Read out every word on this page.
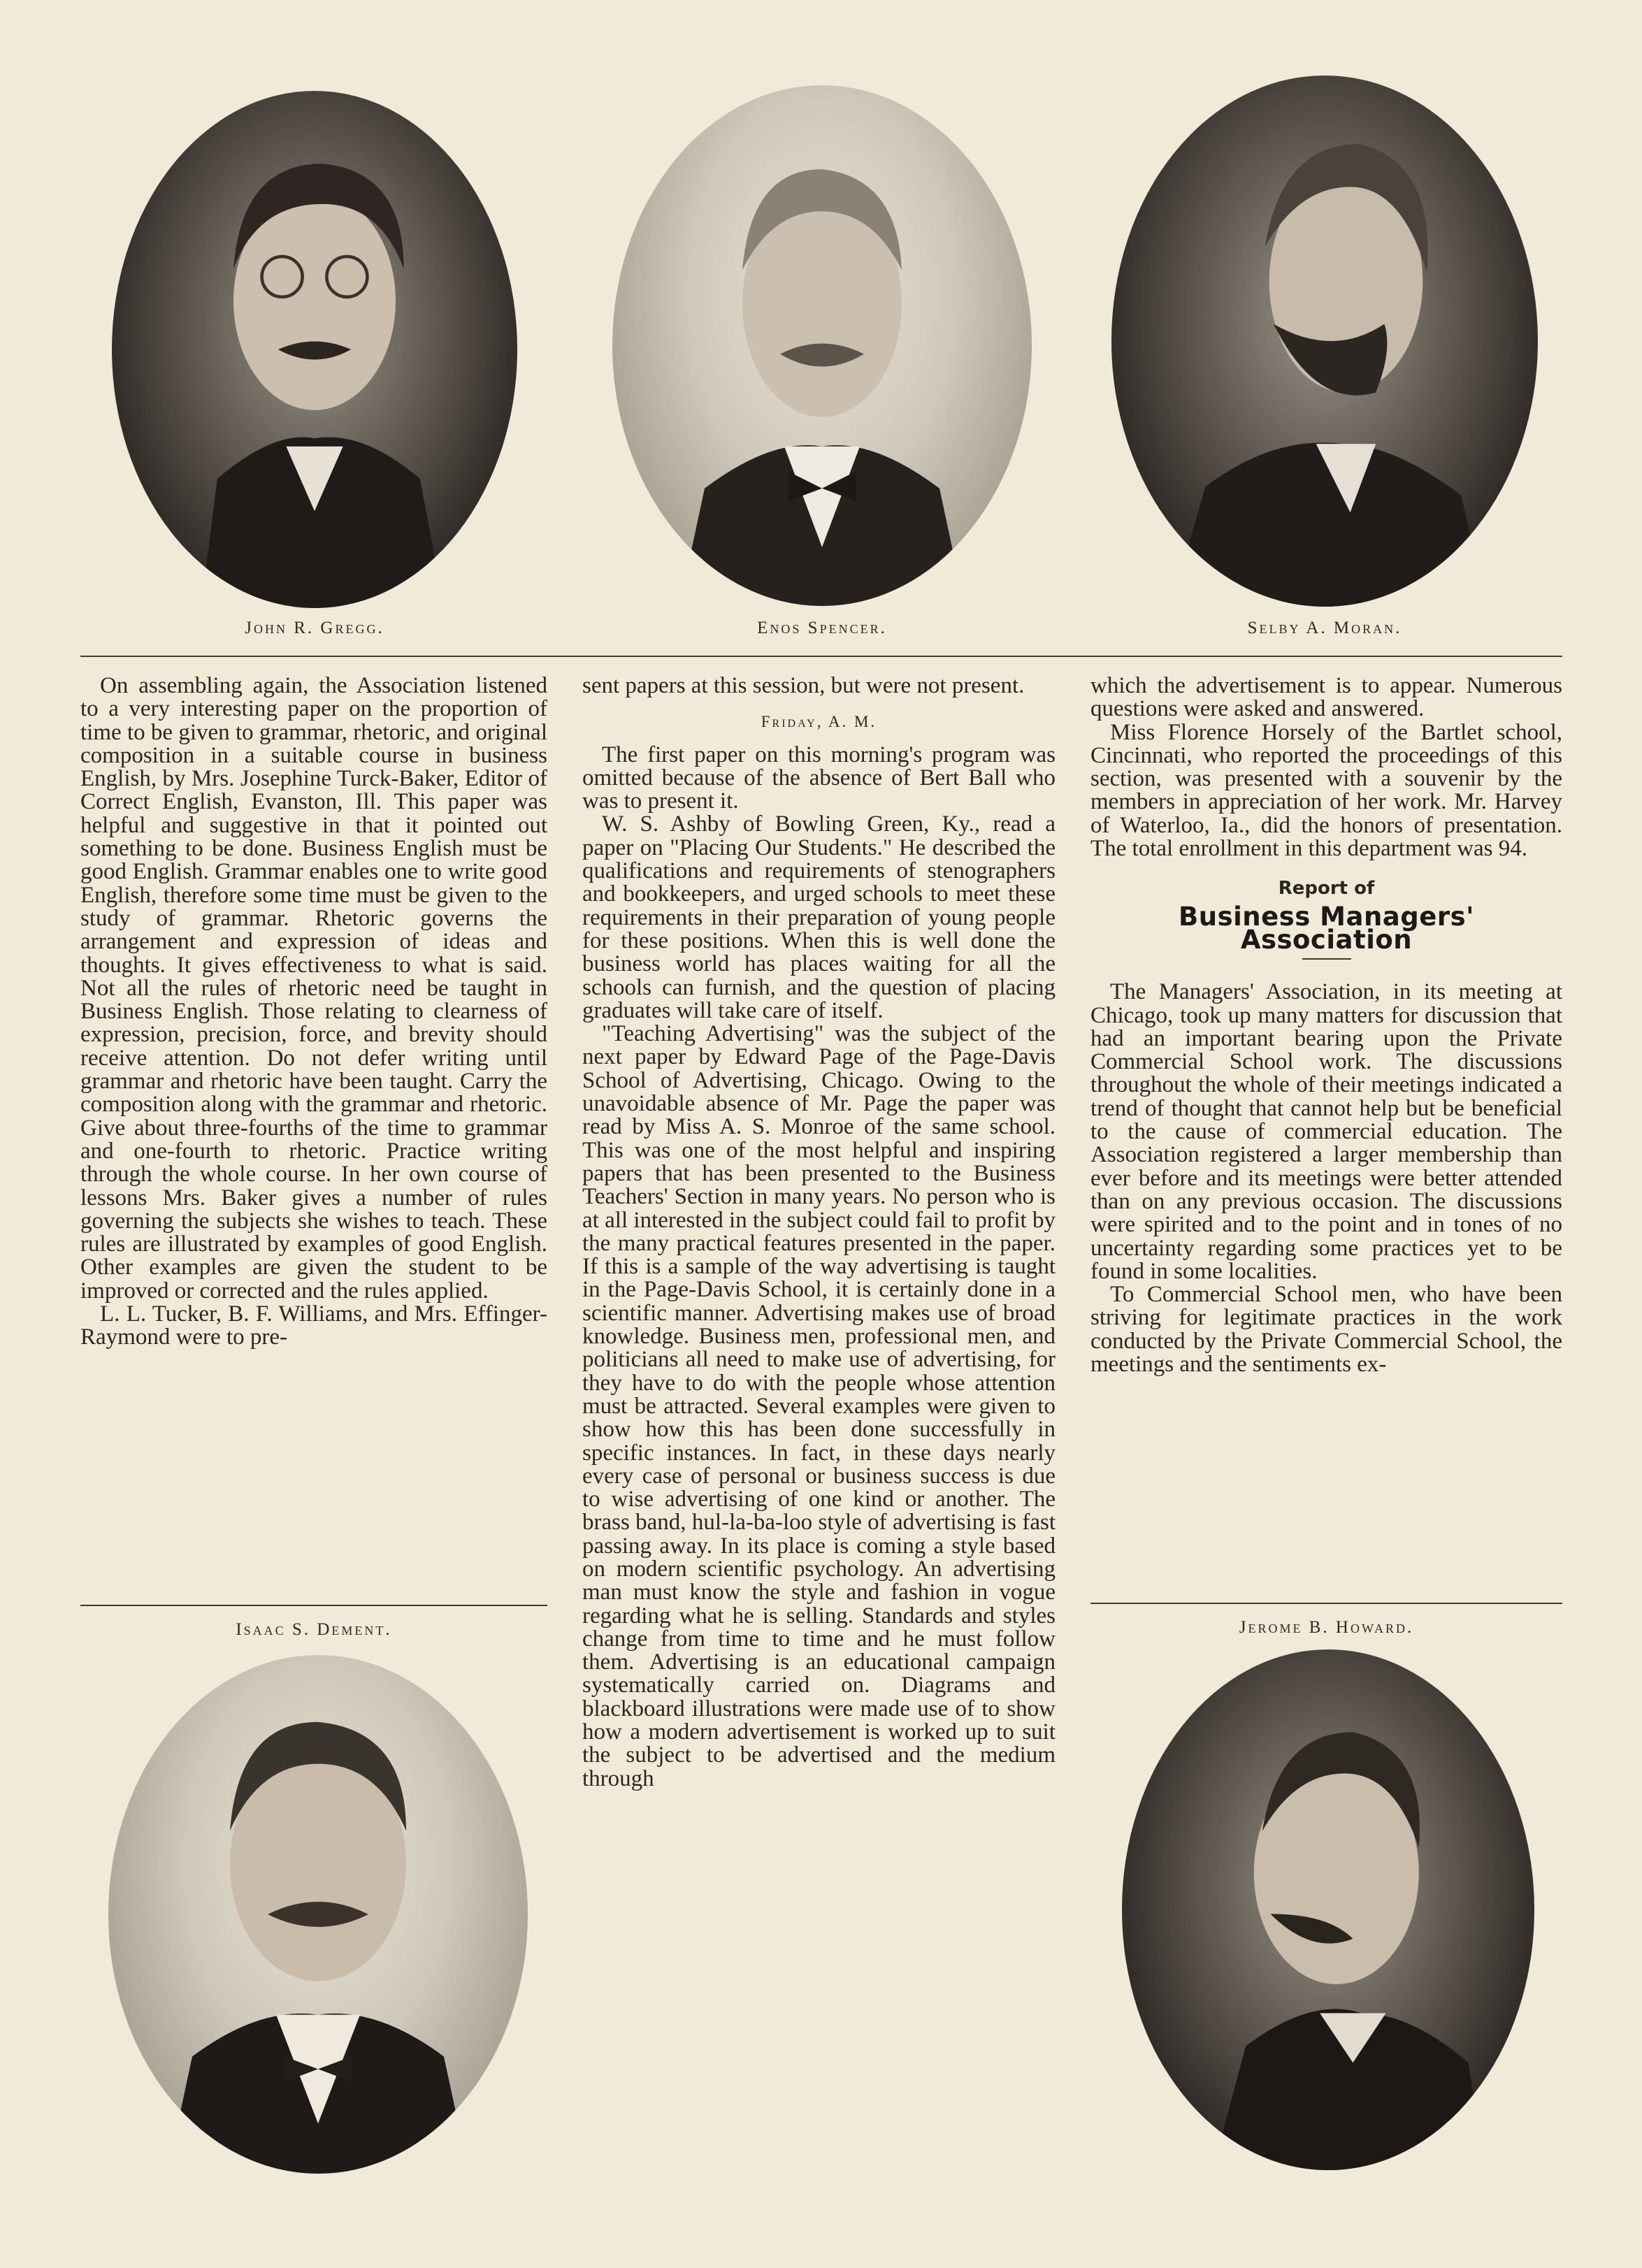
John R. Gregg.	Enos Spencer.	Selby A. Moran.

On assembling again, the Association listened to a very interesting paper on the proportion of time to be given to grammar, rhetoric, and original composition in a suitable course in business English, by Mrs. Josephine Turck-Baker, Editor of Correct English, Evanston, Ill. This paper was helpful and suggestive in that it pointed out something to be done. Business English must be good English. Grammar enables one to write good English, therefore some time must be given to the study of grammar. Rhetoric governs the arrangement and expression of ideas and thoughts. It gives effectiveness to what is said. Not all the rules of rhetoric need be taught in Business English. Those relating to clearness of expression, precision, force, and brevity should receive attention. Do not defer writing until grammar and rhetoric have been taught. Carry the composition along with the grammar and rhetoric. Give about three-fourths of the time to grammar and one-fourth to rhetoric. Practice writing through the whole course. In her own course of lessons Mrs. Baker gives a number of rules governing the subjects she wishes to teach. These rules are illustrated by examples of good English. Other examples are given the student to be improved or corrected and the rules applied.

L. L. Tucker, B. F. Williams, and Mrs. Effinger-Raymond were to pre-

Isaac S. Dement.

sent papers at this session, but were not present.

Friday, A. M.

The first paper on this morning's program was omitted because of the absence of Bert Ball who was to present it.

W. S. Ashby of Bowling Green, Ky., read a paper on "Placing Our Students." He described the qualifications and requirements of stenographers and bookkeepers, and urged schools to meet these requirements in their preparation of young people for these positions. When this is well done the business world has places waiting for all the schools can furnish, and the question of placing graduates will take care of itself.

"Teaching Advertising" was the subject of the next paper by Edward Page of the Page-Davis School of Advertising, Chicago. Owing to the unavoidable absence of Mr. Page the paper was read by Miss A. S. Monroe of the same school. This was one of the most helpful and inspiring papers that has been presented to the Business Teachers' Section in many years. No person who is at all interested in the subject could fail to profit by the many practical features presented in the paper. If this is a sample of the way advertising is taught in the Page-Davis School, it is certainly done in a scientific manner. Advertising makes use of broad knowledge. Business men, professional men, and politicians all need to make use of advertising, for they have to do with the people whose attention must be attracted. Several examples were given to show how this has been done successfully in specific instances. In fact, in these days nearly every case of personal or business success is due to wise advertising of one kind or another. The brass band, hul-la-ba-loo style of advertising is fast passing away. In its place is coming a style based on modern scientific psychology. An advertising man must know the style and fashion in vogue regarding what he is selling. Standards and styles change from time to time and he must follow them. Advertising is an educational campaign systematically carried on. Diagrams and blackboard illustrations were made use of to show how a modern advertisement is worked up to suit the subject to be advertised and the medium through

which the advertisement is to appear. Numerous questions were asked and answered.

Miss Florence Horsely of the Bartlet school, Cincinnati, who reported the proceedings of this section, was presented with a souvenir by the members in appreciation of her work. Mr. Harvey of Waterloo, Ia., did the honors of presentation. The total enrollment in this department was 94.

Report of
Business Managers' Association

The Managers' Association, in its meeting at Chicago, took up many matters for discussion that had an important bearing upon the Private Commercial School work. The discussions throughout the whole of their meetings indicated a trend of thought that cannot help but be beneficial to the cause of commercial education. The Association registered a larger membership than ever before and its meetings were better attended than on any previous occasion. The discussions were spirited and to the point and in tones of no uncertainty regarding some practices yet to be found in some localities.

To Commercial School men, who have been striving for legitimate practices in the work conducted by the Private Commercial School, the meetings and the sentiments ex-

Jerome B. Howard.
